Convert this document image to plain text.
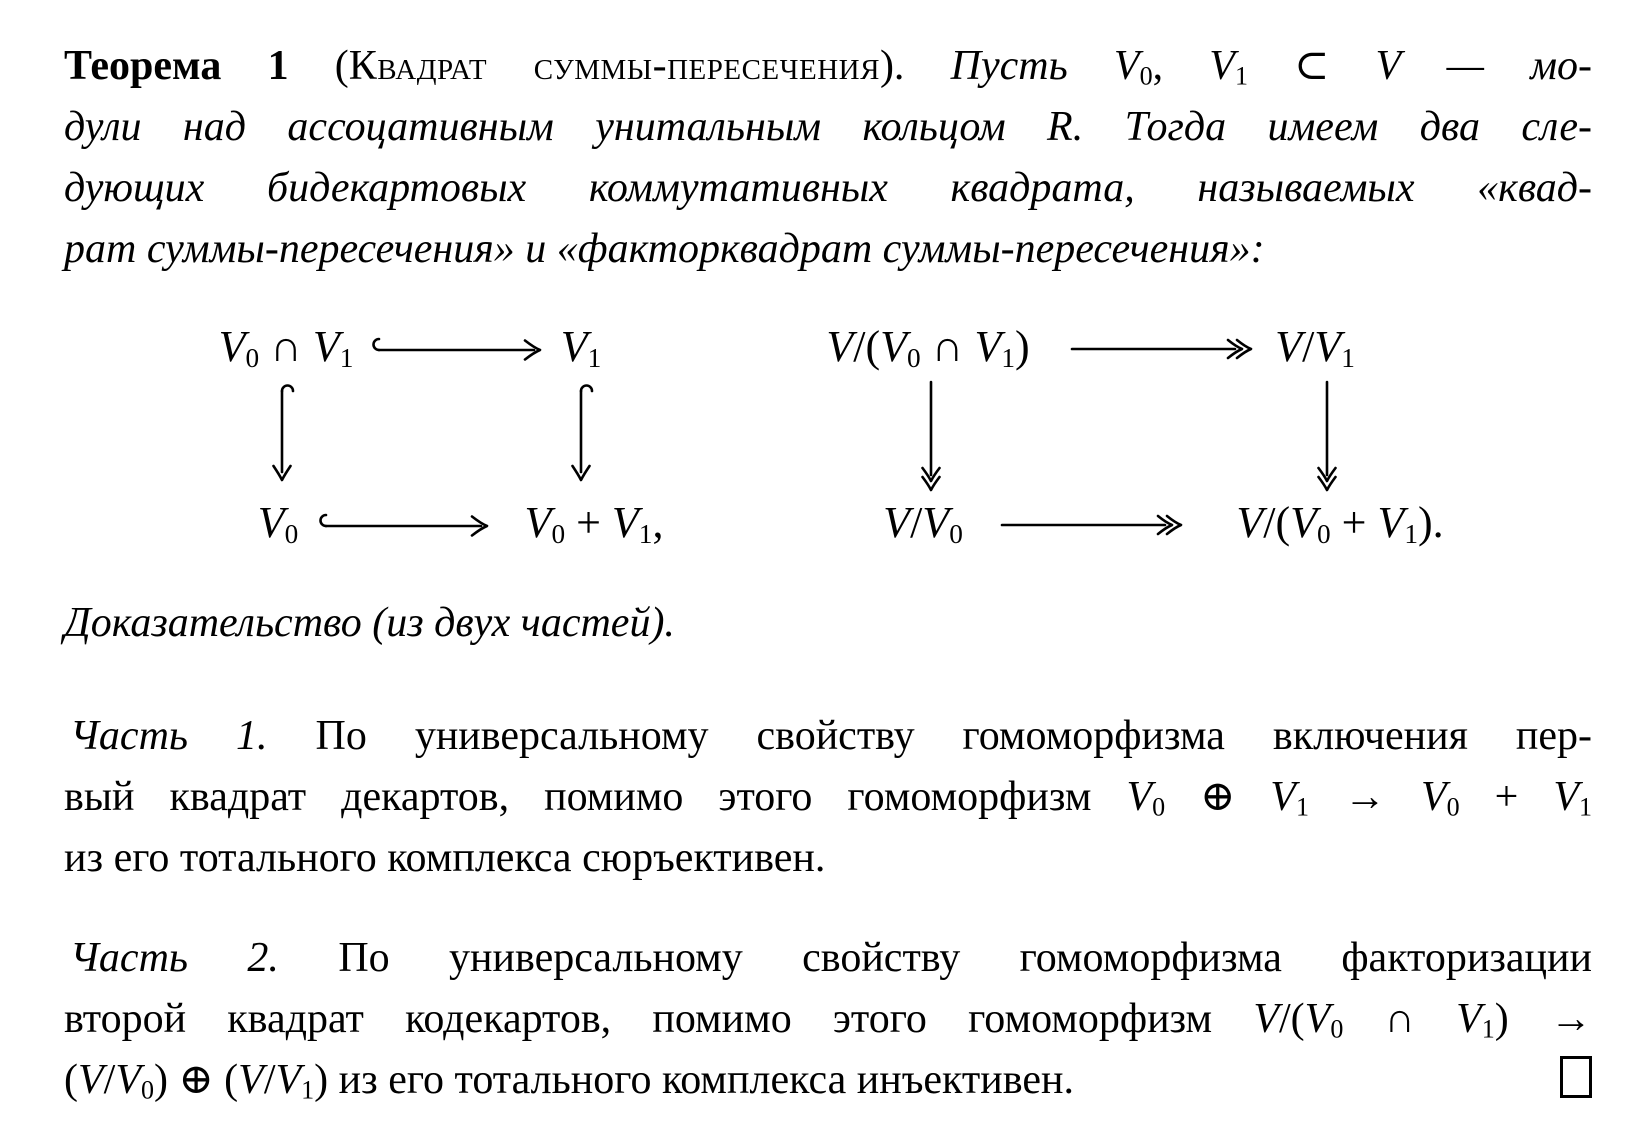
Теорема 1 (Квадрат суммы-пересечения). Пусть V0, V1 ⊂ V — мо-
дули над ассоцативным унитальным кольцом R. Тогда имеем два сле-
дующих бидекартовых коммутативных квадрата, называемых «квад-
рат суммы-пересечения» и «факторквадрат суммы-пересечения»:
V0 ∩ V1	V1
V0	V0 + V1,
V/(V0 ∩ V1)	V/V1
V/V0	V/(V0 + V1).
Доказательство (из двух частей).
Часть 1. По универсальному свойству гомоморфизма включения пер-
вый квадрат декартов, помимо этого гомоморфизм V0 ⊕ V1 → V0 + V1
из его тотального комплекса сюръективен.
Часть 2. По универсальному свойству гомоморфизма факторизации
второй квадрат кодекартов, помимо этого гомоморфизм V/(V0 ∩ V1) →
(V/V0) ⊕ (V/V1) из его тотального комплекса инъективен.
